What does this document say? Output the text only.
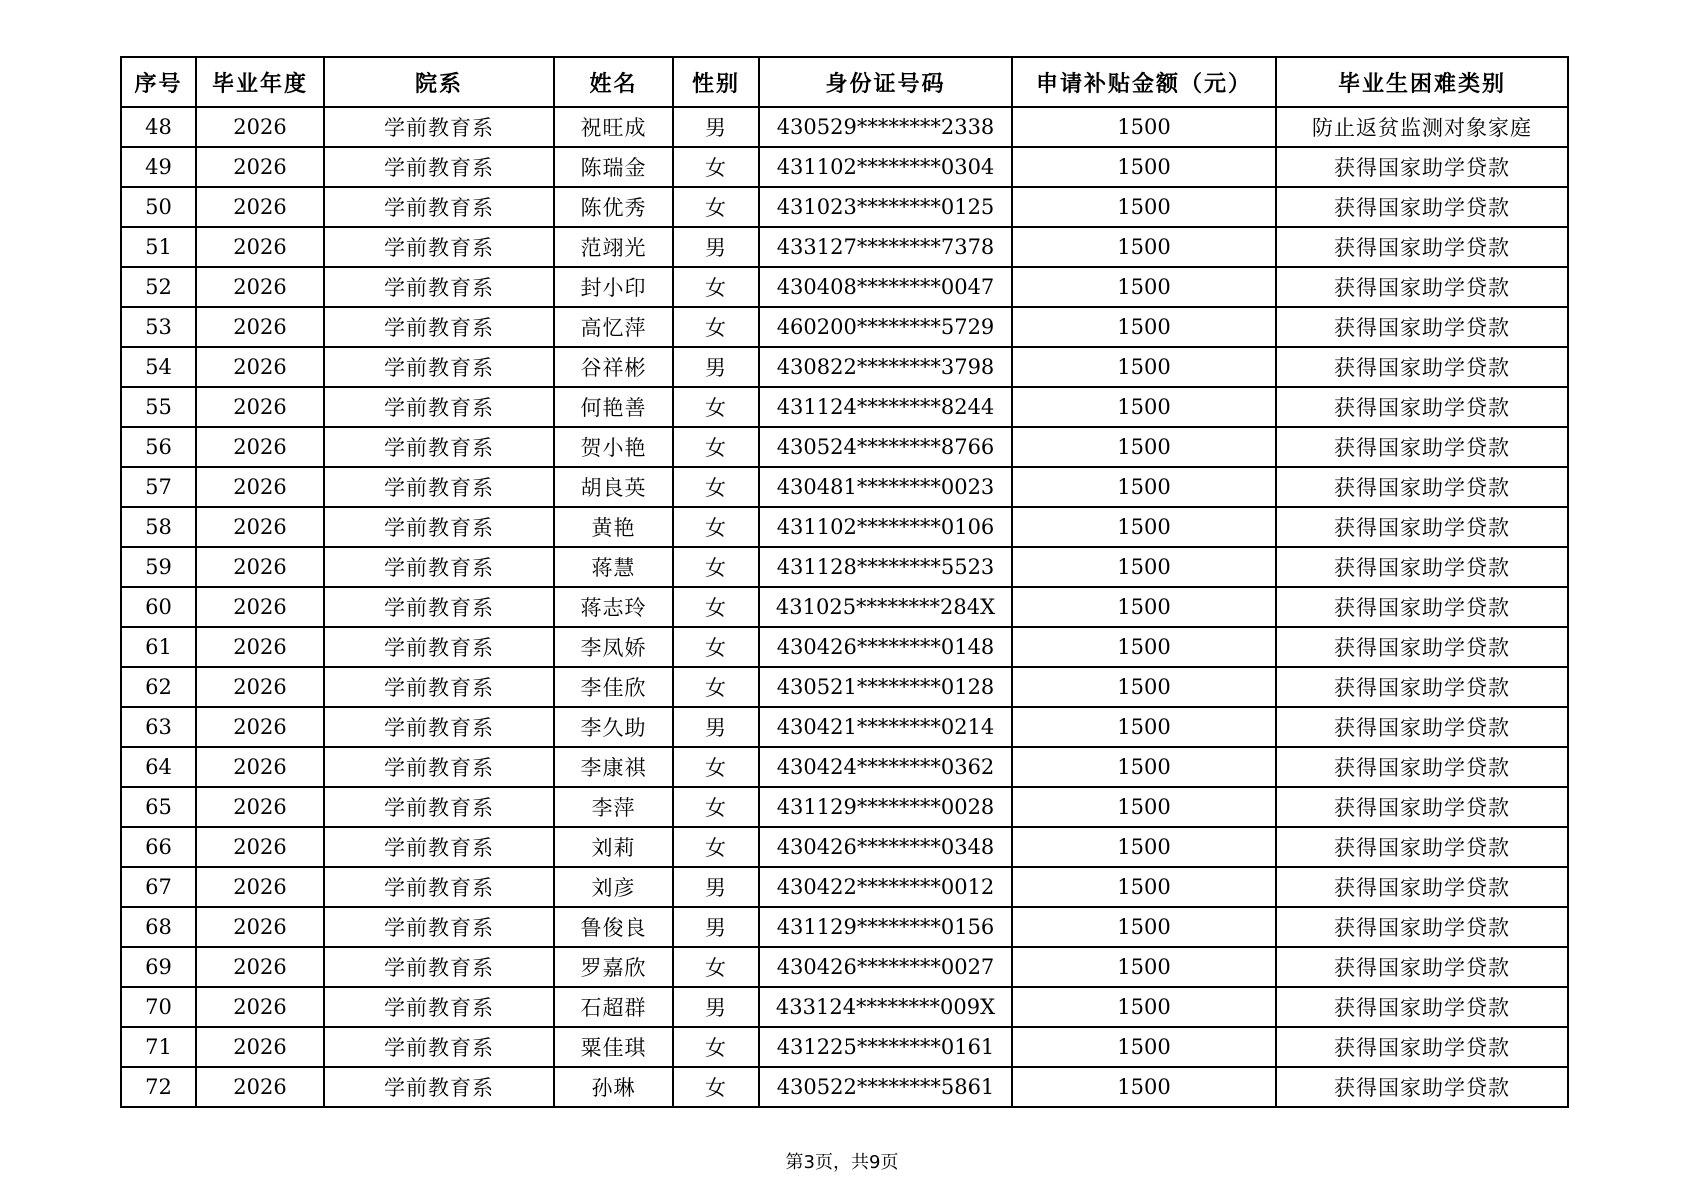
序号	毕业年度	院系	姓名	性别	身份证号码	申请补贴金额（元）	毕业生困难类别
48	2026	学前教育系	祝旺成	男	430529********2338	1500	防止返贫监测对象家庭
49	2026	学前教育系	陈瑞金	女	431102********0304	1500	获得国家助学贷款
50	2026	学前教育系	陈优秀	女	431023********0125	1500	获得国家助学贷款
51	2026	学前教育系	范翊光	男	433127********7378	1500	获得国家助学贷款
52	2026	学前教育系	封小印	女	430408********0047	1500	获得国家助学贷款
53	2026	学前教育系	高忆萍	女	460200********5729	1500	获得国家助学贷款
54	2026	学前教育系	谷祥彬	男	430822********3798	1500	获得国家助学贷款
55	2026	学前教育系	何艳善	女	431124********8244	1500	获得国家助学贷款
56	2026	学前教育系	贺小艳	女	430524********8766	1500	获得国家助学贷款
57	2026	学前教育系	胡良英	女	430481********0023	1500	获得国家助学贷款
58	2026	学前教育系	黄艳	女	431102********0106	1500	获得国家助学贷款
59	2026	学前教育系	蒋慧	女	431128********5523	1500	获得国家助学贷款
60	2026	学前教育系	蒋志玲	女	431025********284X	1500	获得国家助学贷款
61	2026	学前教育系	李凤娇	女	430426********0148	1500	获得国家助学贷款
62	2026	学前教育系	李佳欣	女	430521********0128	1500	获得国家助学贷款
63	2026	学前教育系	李久助	男	430421********0214	1500	获得国家助学贷款
64	2026	学前教育系	李康祺	女	430424********0362	1500	获得国家助学贷款
65	2026	学前教育系	李萍	女	431129********0028	1500	获得国家助学贷款
66	2026	学前教育系	刘莉	女	430426********0348	1500	获得国家助学贷款
67	2026	学前教育系	刘彦	男	430422********0012	1500	获得国家助学贷款
68	2026	学前教育系	鲁俊良	男	431129********0156	1500	获得国家助学贷款
69	2026	学前教育系	罗嘉欣	女	430426********0027	1500	获得国家助学贷款
70	2026	学前教育系	石超群	男	433124********009X	1500	获得国家助学贷款
71	2026	学前教育系	粟佳琪	女	431225********0161	1500	获得国家助学贷款
72	2026	学前教育系	孙琳	女	430522********5861	1500	获得国家助学贷款
第3页，共9页
